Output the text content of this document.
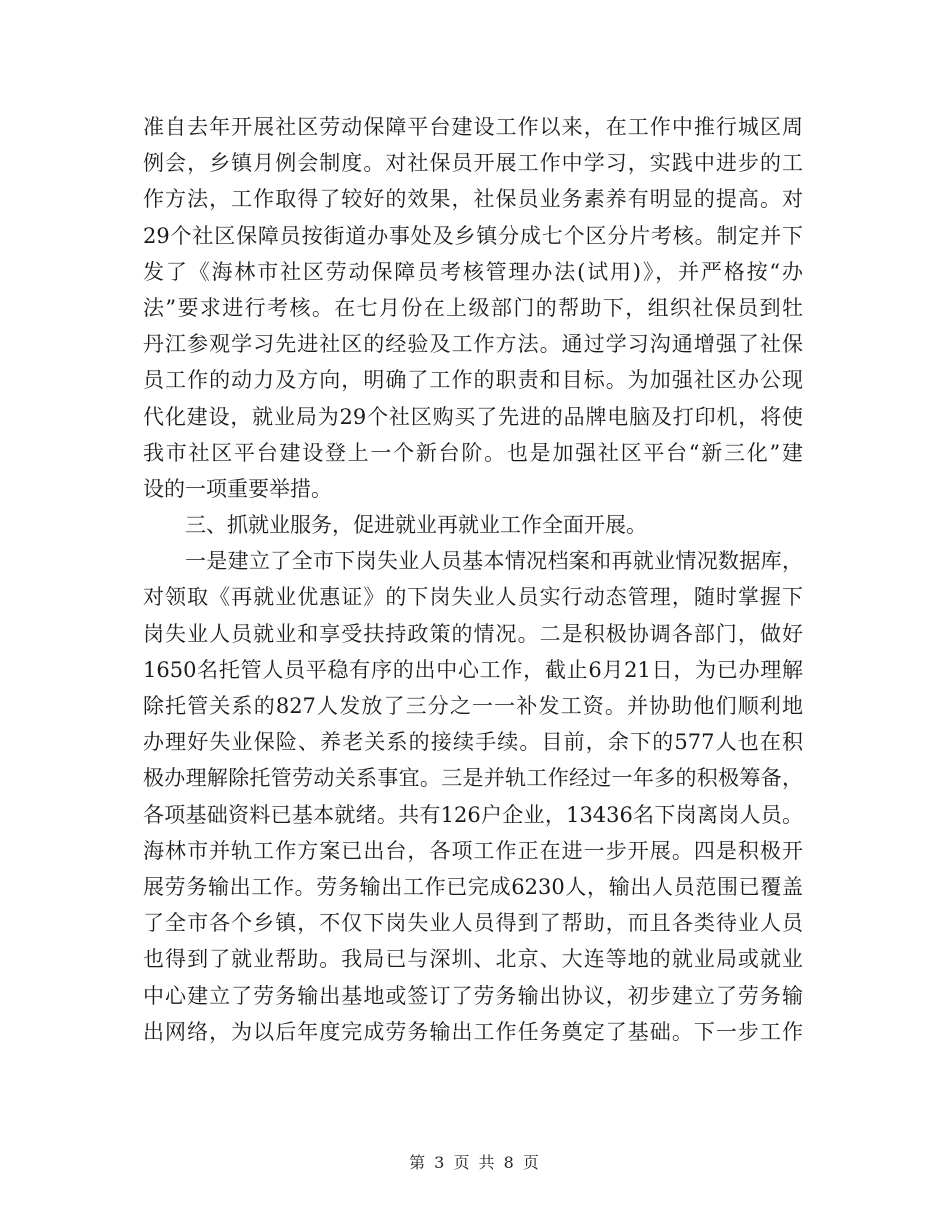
准自去年开展社区劳动保障平台建设工作以来，在工作中推行城区周
例会，乡镇月例会制度。对社保员开展工作中学习，实践中进步的工
作方法，工作取得了较好的效果，社保员业务素养有明显的提高。对
29个社区保障员按街道办事处及乡镇分成七个区分片考核。制定并下
发了《海林市社区劳动保障员考核管理办法(试用)》，并严格按“办
法”要求进行考核。在七月份在上级部门的帮助下，组织社保员到牡
丹江参观学习先进社区的经验及工作方法。通过学习沟通增强了社保
员工作的动力及方向，明确了工作的职责和目标。为加强社区办公现
代化建设，就业局为29个社区购买了先进的品牌电脑及打印机，将使
我市社区平台建设登上一个新台阶。也是加强社区平台“新三化”建
设的一项重要举措。
三、抓就业服务，促进就业再就业工作全面开展。
一是建立了全市下岗失业人员基本情况档案和再就业情况数据库，
对领取《再就业优惠证》的下岗失业人员实行动态管理，随时掌握下
岗失业人员就业和享受扶持政策的情况。二是积极协调各部门，做好
1650名托管人员平稳有序的出中心工作，截止6月21日，为已办理解
除托管关系的827人发放了三分之一一补发工资。并协助他们顺利地
办理好失业保险、养老关系的接续手续。目前，余下的577人也在积
极办理解除托管劳动关系事宜。三是并轨工作经过一年多的积极筹备，
各项基础资料已基本就绪。共有126户企业，13436名下岗离岗人员。
海林市并轨工作方案已出台，各项工作正在进一步开展。四是积极开
展劳务输出工作。劳务输出工作已完成6230人，输出人员范围已覆盖
了全市各个乡镇，不仅下岗失业人员得到了帮助，而且各类待业人员
也得到了就业帮助。我局已与深圳、北京、大连等地的就业局或就业
中心建立了劳务输出基地或签订了劳务输出协议，初步建立了劳务输
出网络，为以后年度完成劳务输出工作任务奠定了基础。下一步工作
第 3 页 共 8 页
